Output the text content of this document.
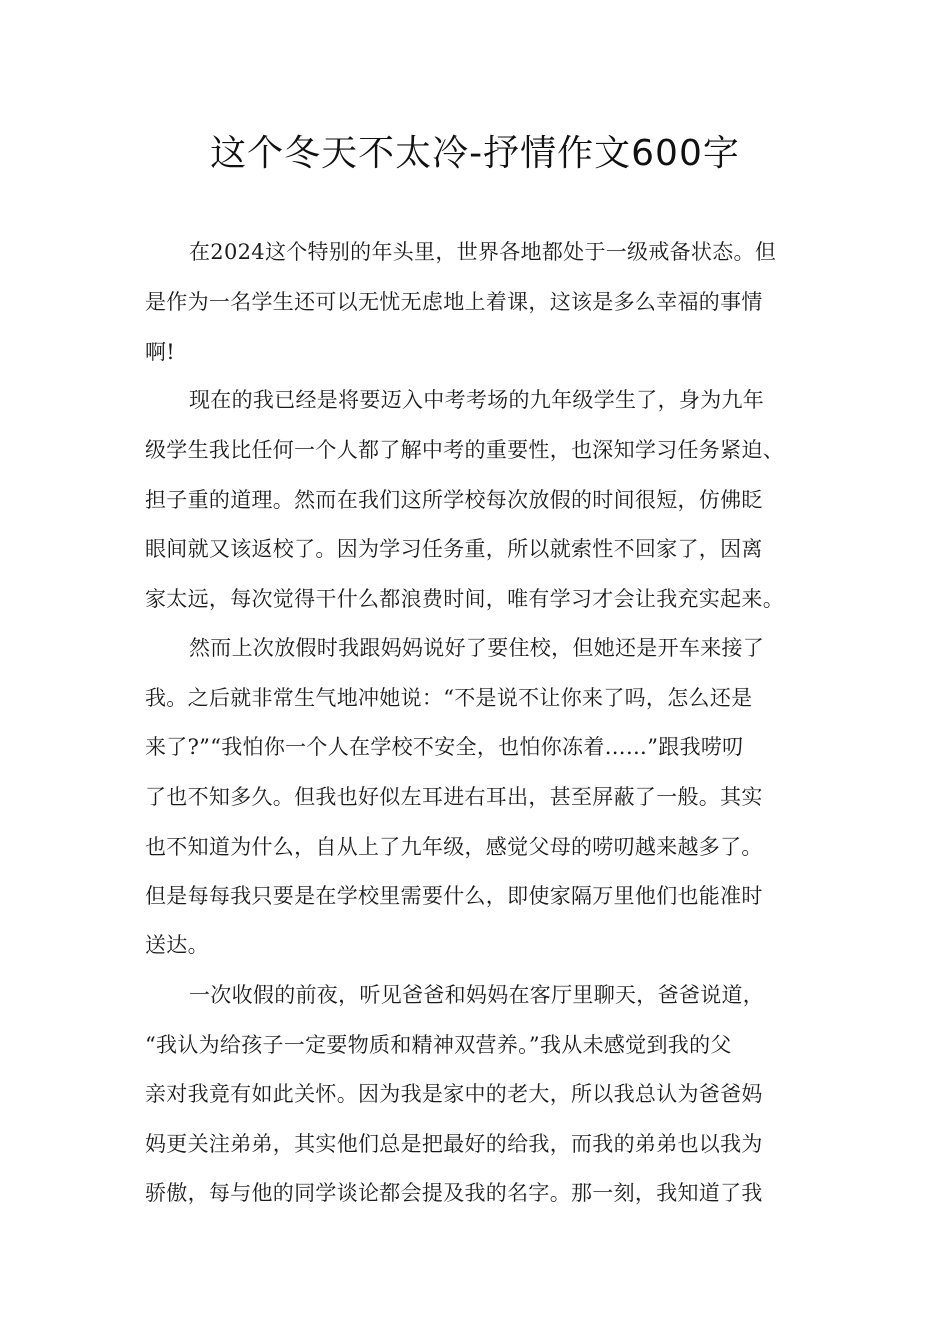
这个冬天不太冷-抒情作文600字
在2024这个特别的年头里，世界各地都处于一级戒备状态。但
是作为一名学生还可以无忧无虑地上着课，这该是多么幸福的事情
啊!
现在的我已经是将要迈入中考考场的九年级学生了，身为九年
级学生我比任何一个人都了解中考的重要性，也深知学习任务紧迫、
担子重的道理。然而在我们这所学校每次放假的时间很短，仿佛眨
眼间就又该返校了。因为学习任务重，所以就索性不回家了，因离
家太远，每次觉得干什么都浪费时间，唯有学习才会让我充实起来。
然而上次放假时我跟妈妈说好了要住校，但她还是开车来接了
我。之后就非常生气地冲她说：“不是说不让你来了吗，怎么还是
来了?”“我怕你一个人在学校不安全，也怕你冻着……”跟我唠叨
了也不知多久。但我也好似左耳进右耳出，甚至屏蔽了一般。其实
也不知道为什么，自从上了九年级，感觉父母的唠叨越来越多了。
但是每每我只要是在学校里需要什么，即使家隔万里他们也能准时
送达。
一次收假的前夜，听见爸爸和妈妈在客厅里聊天，爸爸说道，
“我认为给孩子一定要物质和精神双营养。”我从未感觉到我的父
亲对我竟有如此关怀。因为我是家中的老大，所以我总认为爸爸妈
妈更关注弟弟，其实他们总是把最好的给我，而我的弟弟也以我为
骄傲，每与他的同学谈论都会提及我的名字。那一刻，我知道了我
